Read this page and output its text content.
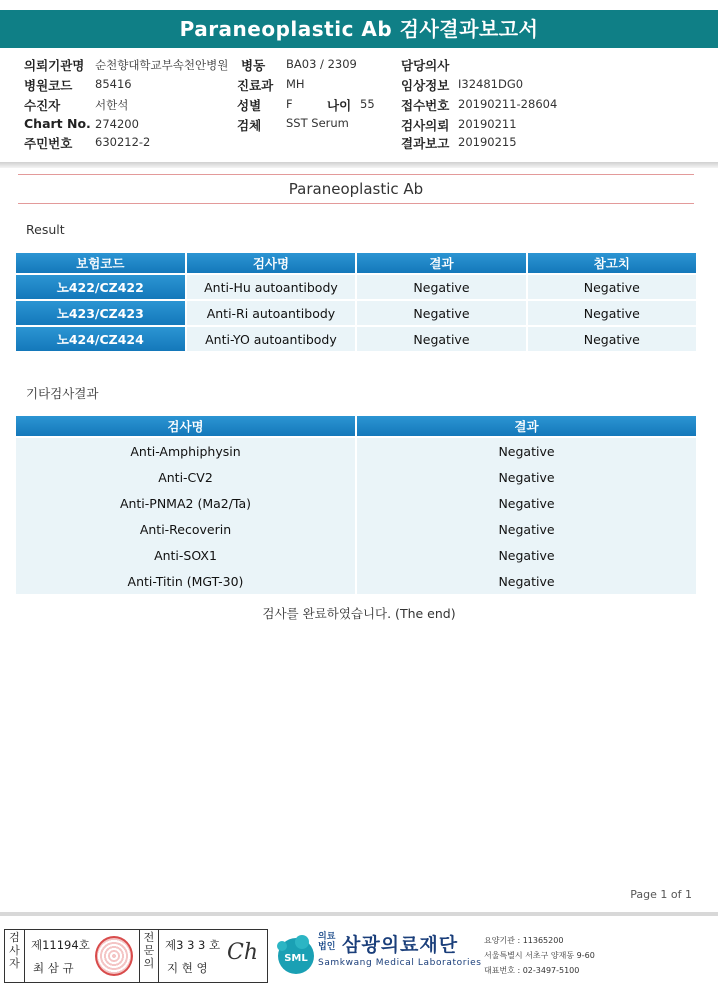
Paraneoplastic Ab 검사결과보고서
의뢰기관명 순천향대학교부속천안병원 병동 BA03 / 2309	담당의사
병원코드 85416	진료과 MH	임상정보 I32481DG0
수진자	서한석	성별 F	나이 55 접수번호 20190211-28604
Chart No. 274200	검체 SST Serum	검사의뢰 20190211
주민번호 630212-2	결과보고 20190215
Paraneoplastic Ab
Result
보험코드	검사명	결과	참고치
노422/CZ422	Anti-Hu autoantibody	Negative	Negative
노423/CZ423	Anti-Ri autoantibody	Negative	Negative
노424/CZ424	Anti-YO autoantibody	Negative	Negative
기타검사결과
검사명	결과
Anti-Amphiphysin	Negative
Anti-CV2	Negative
Anti-PNMA2 (Ma2/Ta)	Negative
Anti-Recoverin	Negative
Anti-SOX1	Negative
Anti-Titin (MGT-30)	Negative
검사를 완료하였습니다. (The end)
Page 1 of 1
검사자
제11194호
최 삼 규
전문의
제3 3 3 호
지 현 영
Ch	SML
의료
법인 삼광의료재단
Samkwang Medical Laboratories
요양기관 : 11365200
서울특별시 서초구 양재동 9-60
대표번호 : 02-3497-5100
